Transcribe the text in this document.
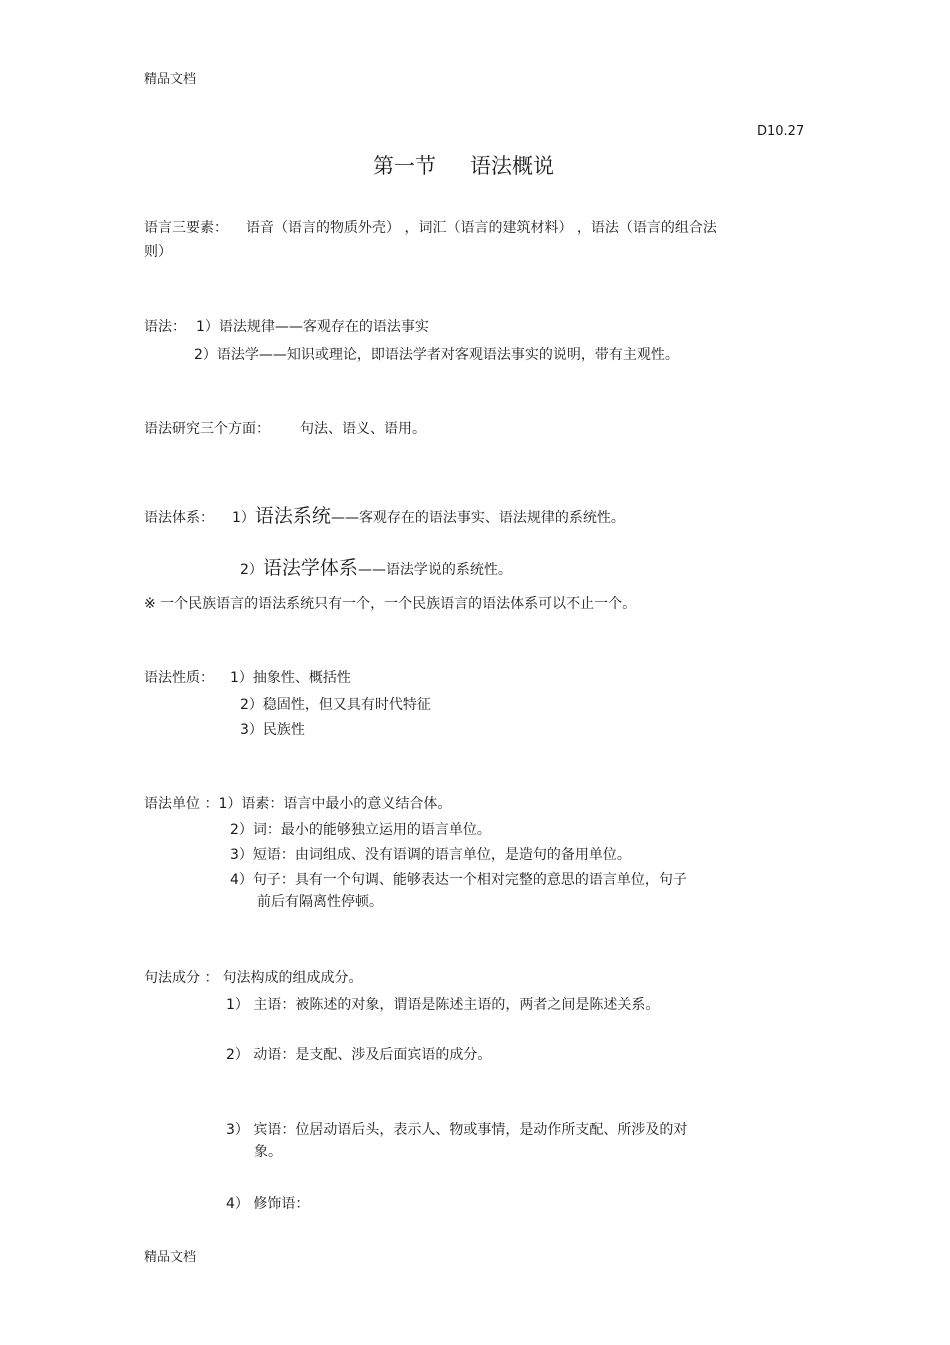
精品文档
D10.27
第一节 语法概说
语言三要素： 语音（语言的物质外壳） ，词汇（语言的建筑材料） ，语法（语言的组合法
则）
语法： 1）语法规律——客观存在的语法事实
2）语法学——知识或理论，即语法学者对客观语法事实的说明，带有主观性。
语法研究三个方面： 句法、语义、语用。
语法体系： 1）语法系统——客观存在的语法事实、语法规律的系统性。
2）语法学体系——语法学说的系统性。
※ 一个民族语言的语法系统只有一个，一个民族语言的语法体系可以不止一个。
语法性质： 1）抽象性、概括性
2）稳固性，但又具有时代特征
3）民族性
语法单位 ：1）语素：语言中最小的意义结合体。
2）词：最小的能够独立运用的语言单位。
3）短语：由词组成、没有语调的语言单位，是造句的备用单位。
4）句子：具有一个句调、能够表达一个相对完整的意思的语言单位，句子
前后有隔离性停顿。
句法成分 ： 句法构成的组成成分。
1） 主语：被陈述的对象，谓语是陈述主语的，两者之间是陈述关系。
2） 动语：是支配、涉及后面宾语的成分。
3） 宾语：位居动语后头，表示人、物或事情，是动作所支配、所涉及的对
象。
4） 修饰语：
精品文档
